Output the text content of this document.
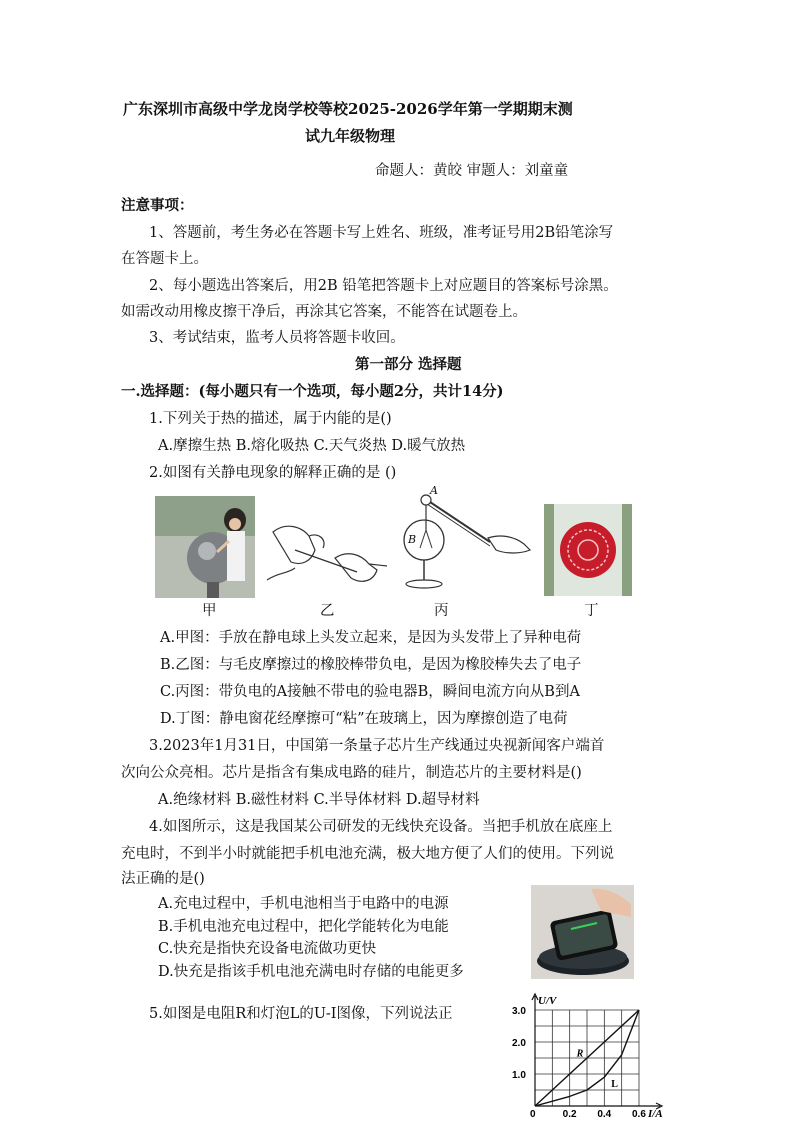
广东深圳市高级中学龙岗学校等校2025-2026学年第一学期期末测
试九年级物理
命题人：黄皎 审题人：刘童童
注意事项：
1、答题前，考生务必在答题卡写上姓名、班级，准考证号用2B铅笔涂写
在答题卡上。
2、每小题选出答案后，用2B 铅笔把答题卡上对应题目的答案标号涂黑。
如需改动用橡皮擦干净后，再涂其它答案，不能答在试题卷上。
3、考试结束，监考人员将答题卡收回。
第一部分 选择题
一.选择题：(每小题只有一个选项，每小题2分，共计14分)
1.下列关于热的描述，属于内能的是()
A.摩擦生热 B.熔化吸热 C.天气炎热 D.暖气放热
2.如图有关静电现象的解释正确的是 ()
甲	乙
A
B
丙	丁
A.甲图：手放在静电球上头发立起来，是因为头发带上了异种电荷
B.乙图：与毛皮摩擦过的橡胶棒带负电，是因为橡胶棒失去了电子
C.丙图：带负电的A接触不带电的验电器B，瞬间电流方向从B到A
D.丁图：静电窗花经摩擦可“粘”在玻璃上，因为摩擦创造了电荷
3.2023年1月31日，中国第一条量子芯片生产线通过央视新闻客户端首
次向公众亮相。芯片是指含有集成电路的硅片，制造芯片的主要材料是()
A.绝缘材料 B.磁性材料 C.半导体材料 D.超导材料
4.如图所示，这是我国某公司研发的无线快充设备。当把手机放在底座上
充电时，不到半小时就能把手机电池充满，极大地方便了人们的使用。下列说
法正确的是()
A.充电过程中，手机电池相当于电路中的电源
B.手机电池充电过程中，把化学能转化为电能
C.快充是指快充设备电流做功更快
D.快充是指该手机电池充满电时存储的电能更多
5.如图是电阻R和灯泡L的U-I图像，下列说法正
U/V
I/A
0	0.2 0.4 0.6
1.0
2.0
3.0
R
L
